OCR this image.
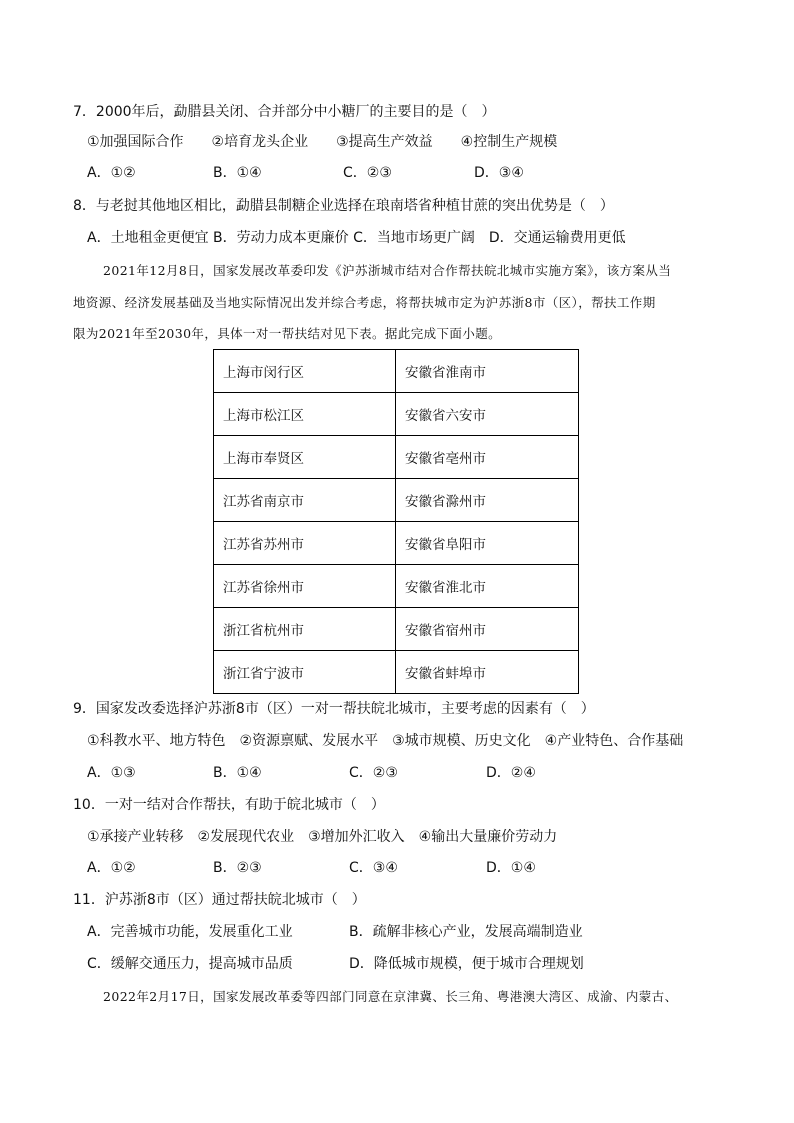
7．2000年后，勐腊县关闭、合并部分中小糖厂的主要目的是（　）
①加强国际合作　　②培育龙头企业　　③提高生产效益　　④控制生产规模
A．①②	B．①④	C．②③	D．③④
8．与老挝其他地区相比，勐腊县制糖企业选择在琅南塔省种植甘蔗的突出优势是（　）
A．土地租金更便宜 B．劳动力成本更廉价 C．当地市场更广阔　D．交通运输费用更低
2021年12月8日，国家发展改革委印发《沪苏浙城市结对合作帮扶皖北城市实施方案》，该方案从当
地资源、经济发展基础及当地实际情况出发并综合考虑，将帮扶城市定为沪苏浙8市（区），帮扶工作期
限为2021年至2030年，具体一对一帮扶结对见下表。据此完成下面小题。
上海市闵行区	安徽省淮南市
上海市松江区	安徽省六安市
上海市奉贤区	安徽省亳州市
江苏省南京市	安徽省滁州市
江苏省苏州市	安徽省阜阳市
江苏省徐州市	安徽省淮北市
浙江省杭州市	安徽省宿州市
浙江省宁波市	安徽省蚌埠市
9．国家发改委选择沪苏浙8市（区）一对一帮扶皖北城市，主要考虑的因素有（　）
①科教水平、地方特色　②资源禀赋、发展水平　③城市规模、历史文化　④产业特色、合作基础
A．①③	B．①④	C．②③	D．②④
10．一对一结对合作帮扶，有助于皖北城市（　）
①承接产业转移　②发展现代农业　③增加外汇收入　④输出大量廉价劳动力
A．①②	B．②③	C．③④	D．①④
11．沪苏浙8市（区）通过帮扶皖北城市（　）
A．完善城市功能，发展重化工业	B．疏解非核心产业，发展高端制造业
C．缓解交通压力，提高城市品质	D．降低城市规模，便于城市合理规划
2022年2月17日，国家发展改革委等四部门同意在京津冀、长三角、粤港澳大湾区、成渝、内蒙古、
